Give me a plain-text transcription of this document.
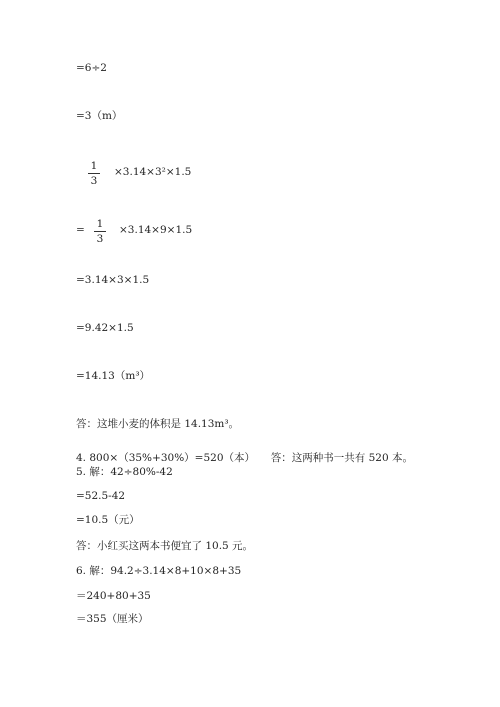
=6÷2
=3（m）
1
3
×3.14×3²×1.5
= 1
3
×3.14×9×1.5
=3.14×3×1.5
=9.42×1.5
=14.13（m³）
答：这堆小麦的体积是 14.13m³。
4. 800×（35%+30%）=520（本）　　答：这两种书一共有 520 本。
5. 解：42÷80%-42
=52.5-42
=10.5（元）
答：小红买这两本书便宜了 10.5 元。
6. 解：94.2÷3.14×8+10×8+35
＝240+80+35
＝355（厘米）
